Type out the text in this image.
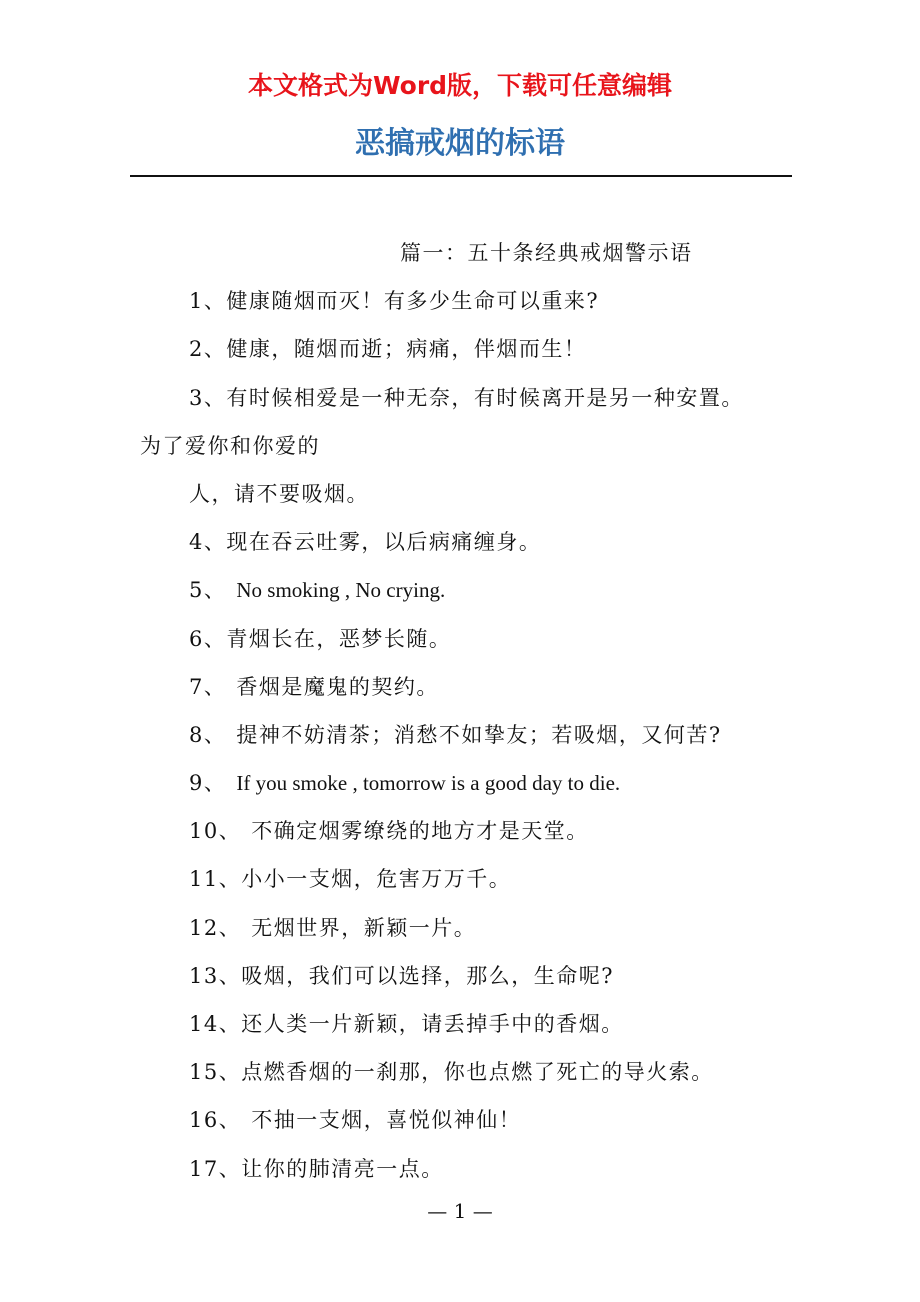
本文格式为Word版，下载可任意编辑
恶搞戒烟的标语
篇一：五十条经典戒烟警示语
1、健康随烟而灭！有多少生命可以重来?
2、健康，随烟而逝；病痛，伴烟而生！
3、有时候相爱是一种无奈，有时候离开是另一种安置。
为了爱你和你爱的
人，请不要吸烟。
4、现在吞云吐雾，以后病痛缠身。
5、 No smoking , No crying.
6、青烟长在，恶梦长随。
7、 香烟是魔鬼的契约。
8、 提神不妨清茶；消愁不如挚友；若吸烟，又何苦?
9、 If you smoke , tomorrow is a good day to die.
10、 不确定烟雾缭绕的地方才是天堂。
11、小小一支烟，危害万万千。
12、 无烟世界，新颖一片。
13、吸烟，我们可以选择，那么，生命呢?
14、还人类一片新颖，请丢掉手中的香烟。
15、点燃香烟的一刹那，你也点燃了死亡的导火索。
16、 不抽一支烟，喜悦似神仙！
17、让你的肺清亮一点。
— 1 —
